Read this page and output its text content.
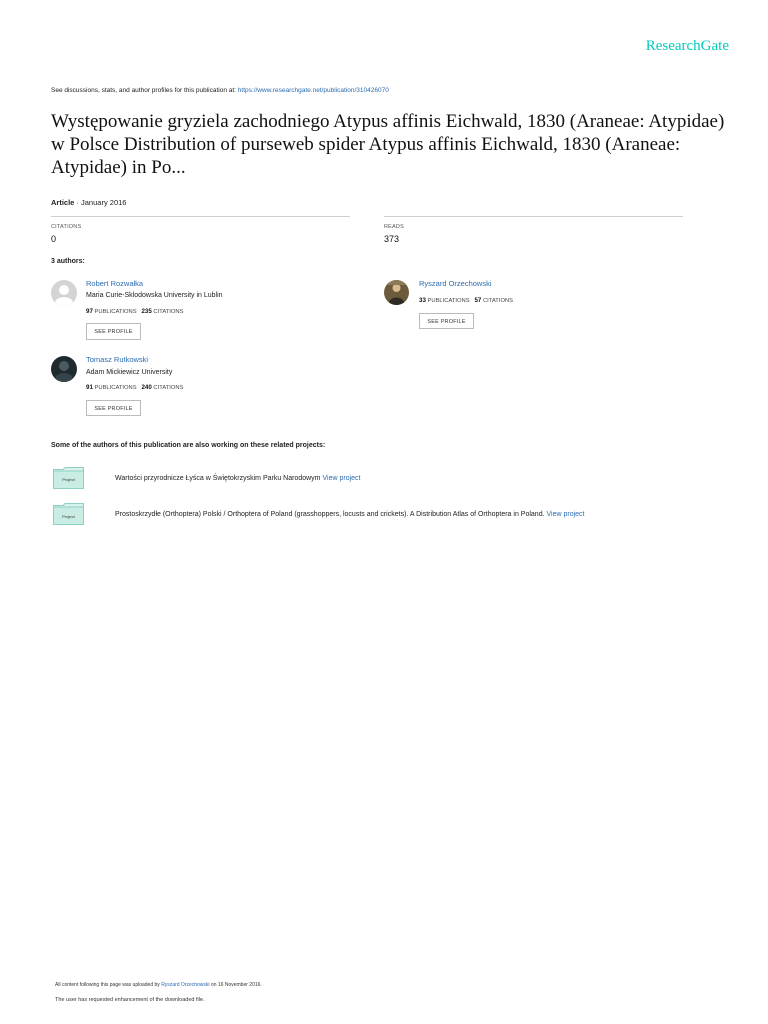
ResearchGate
See discussions, stats, and author profiles for this publication at: https://www.researchgate.net/publication/310426070
Występowanie gryziela zachodniego Atypus affinis Eichwald, 1830 (Araneae: Atypidae) w Polsce Distribution of purseweb spider Atypus affinis Eichwald, 1830 (Araneae: Atypidae) in Po...
Article · January 2016
CITATIONS
0
READS
373
3 authors:
Robert Rozwałka
Maria Curie-Sklodowska University in Lublin
97 PUBLICATIONS 235 CITATIONS
SEE PROFILE
Ryszard Orzechowski
33 PUBLICATIONS 57 CITATIONS
SEE PROFILE
Tomasz Rutkowski
Adam Mickiewicz University
91 PUBLICATIONS 240 CITATIONS
SEE PROFILE
Some of the authors of this publication are also working on these related projects:
Project	Wartości przyrodnicze Łyśca w Świętokrzyskim Parku Narodowym View project
Project	Prostoskrzydłe (Orthoptera) Polski / Orthoptera of Poland (grasshoppers, locusts and crickets). A Distribution Atlas of Orthoptera in Poland. View project
All content following this page was uploaded by Ryszard Orzechowski on 16 November 2016.
The user has requested enhancement of the downloaded file.
